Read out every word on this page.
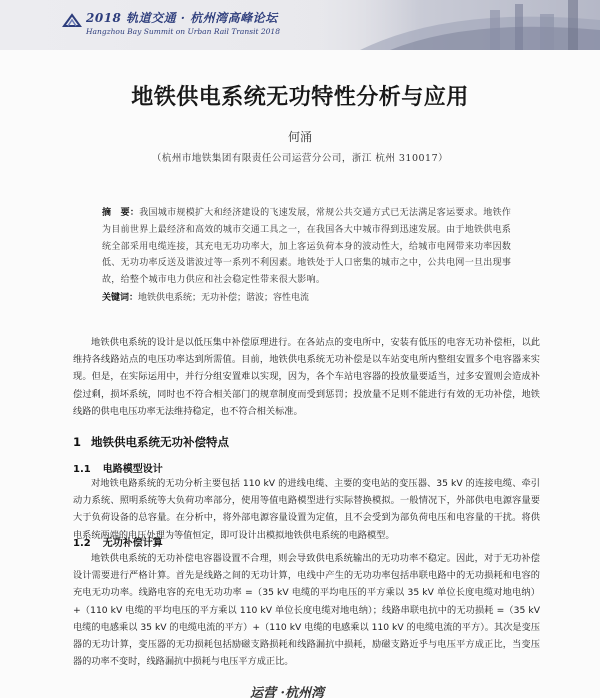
2018 轨道交通 · 杭州湾高峰论坛
Hangzhou Bay Summit on Urban Rail Transit 2018
地铁供电系统无功特性分析与应用
何涌
（杭州市地铁集团有限责任公司运营分公司，浙江 杭州 310017）
摘　要：我国城市规模扩大和经济建设的飞速发展，常规公共交通方式已无法满足客运要求。地铁作为目前世界上最经济和高效的城市交通工具之一，在我国各大中城市得到迅速发展。由于地铁供电系统全部采用电缆连接，其充电无功功率大，加上客运负荷本身的波动性大，给城市电网带来功率因数低、无功功率反送及谐波过等一系列不利因素。地铁处于人口密集的城市之中，公共电网一旦出现事故，给整个城市电力供应和社会稳定性带来很大影响。
关键词：地铁供电系统；无功补偿；谐波；容性电流
地铁供电系统的设计是以低压集中补偿原理进行。在各站点的变电所中，安装有低压的电容无功补偿柜，以此维持各线路站点的电压功率达到所需值。目前，地铁供电系统无功补偿是以车站变电所内整组安置多个电容器来实现。但是，在实际运用中，并行分组安置难以实现，因为，各个车站电容器的投放量要适当，过多安置则会造成补偿过剩，损坏系统，同时也不符合相关部门的规章制度而受到惩罚；投放量不足则不能进行有效的无功补偿，地铁线路的供电电压功率无法维持稳定，也不符合相关标准。
1 地铁供电系统无功补偿特点
1.1 电路模型设计
对地铁电路系统的无功分析主要包括 110 kV 的进线电缆、主要的变电站的变压器、35 kV 的连接电缆、牵引动力系统、照明系统等大负荷功率部分，使用等值电路模型进行实际替换模拟。一般情况下，外部供电电源容量要大于负荷设备的总容量。在分析中，将外部电源容量设置为定值，且不会受到为部负荷电压和电容量的干扰。将供电系统两端的电压处理为等值恒定，即可设计出模拟地铁供电系统的电路模型。
1.2 无功补偿计算
地铁供电系统的无功补偿电容器设置不合理，则会导致供电系统输出的无功功率不稳定。因此，对于无功补偿设计需要进行严格计算。首先是线路之间的无功计算，电线中产生的无功功率包括串联电路中的无功损耗和电容的充电无功功率。线路电容的充电无功功率 =（35 kV 电缆的平均电压的平方乘以 35 kV 单位长度电缆对地电纳）+（110 kV 电缆的平均电压的平方乘以 110 kV 单位长度电缆对地电纳）；线路串联电抗中的无功损耗 =（35 kV 电缆的电感乘以 35 kV 的电缆电流的平方）+（110 kV 电缆的电感乘以 110 kV 的电缆电流的平方）。其次是变压器的无功计算，变压器的无功损耗包括励磁支路损耗和线路漏抗中损耗，励磁支路近乎与电压平方成正比，当变压器的功率不变时，线路漏抗中损耗与电压平方成正比。
运营 ·杭州湾
